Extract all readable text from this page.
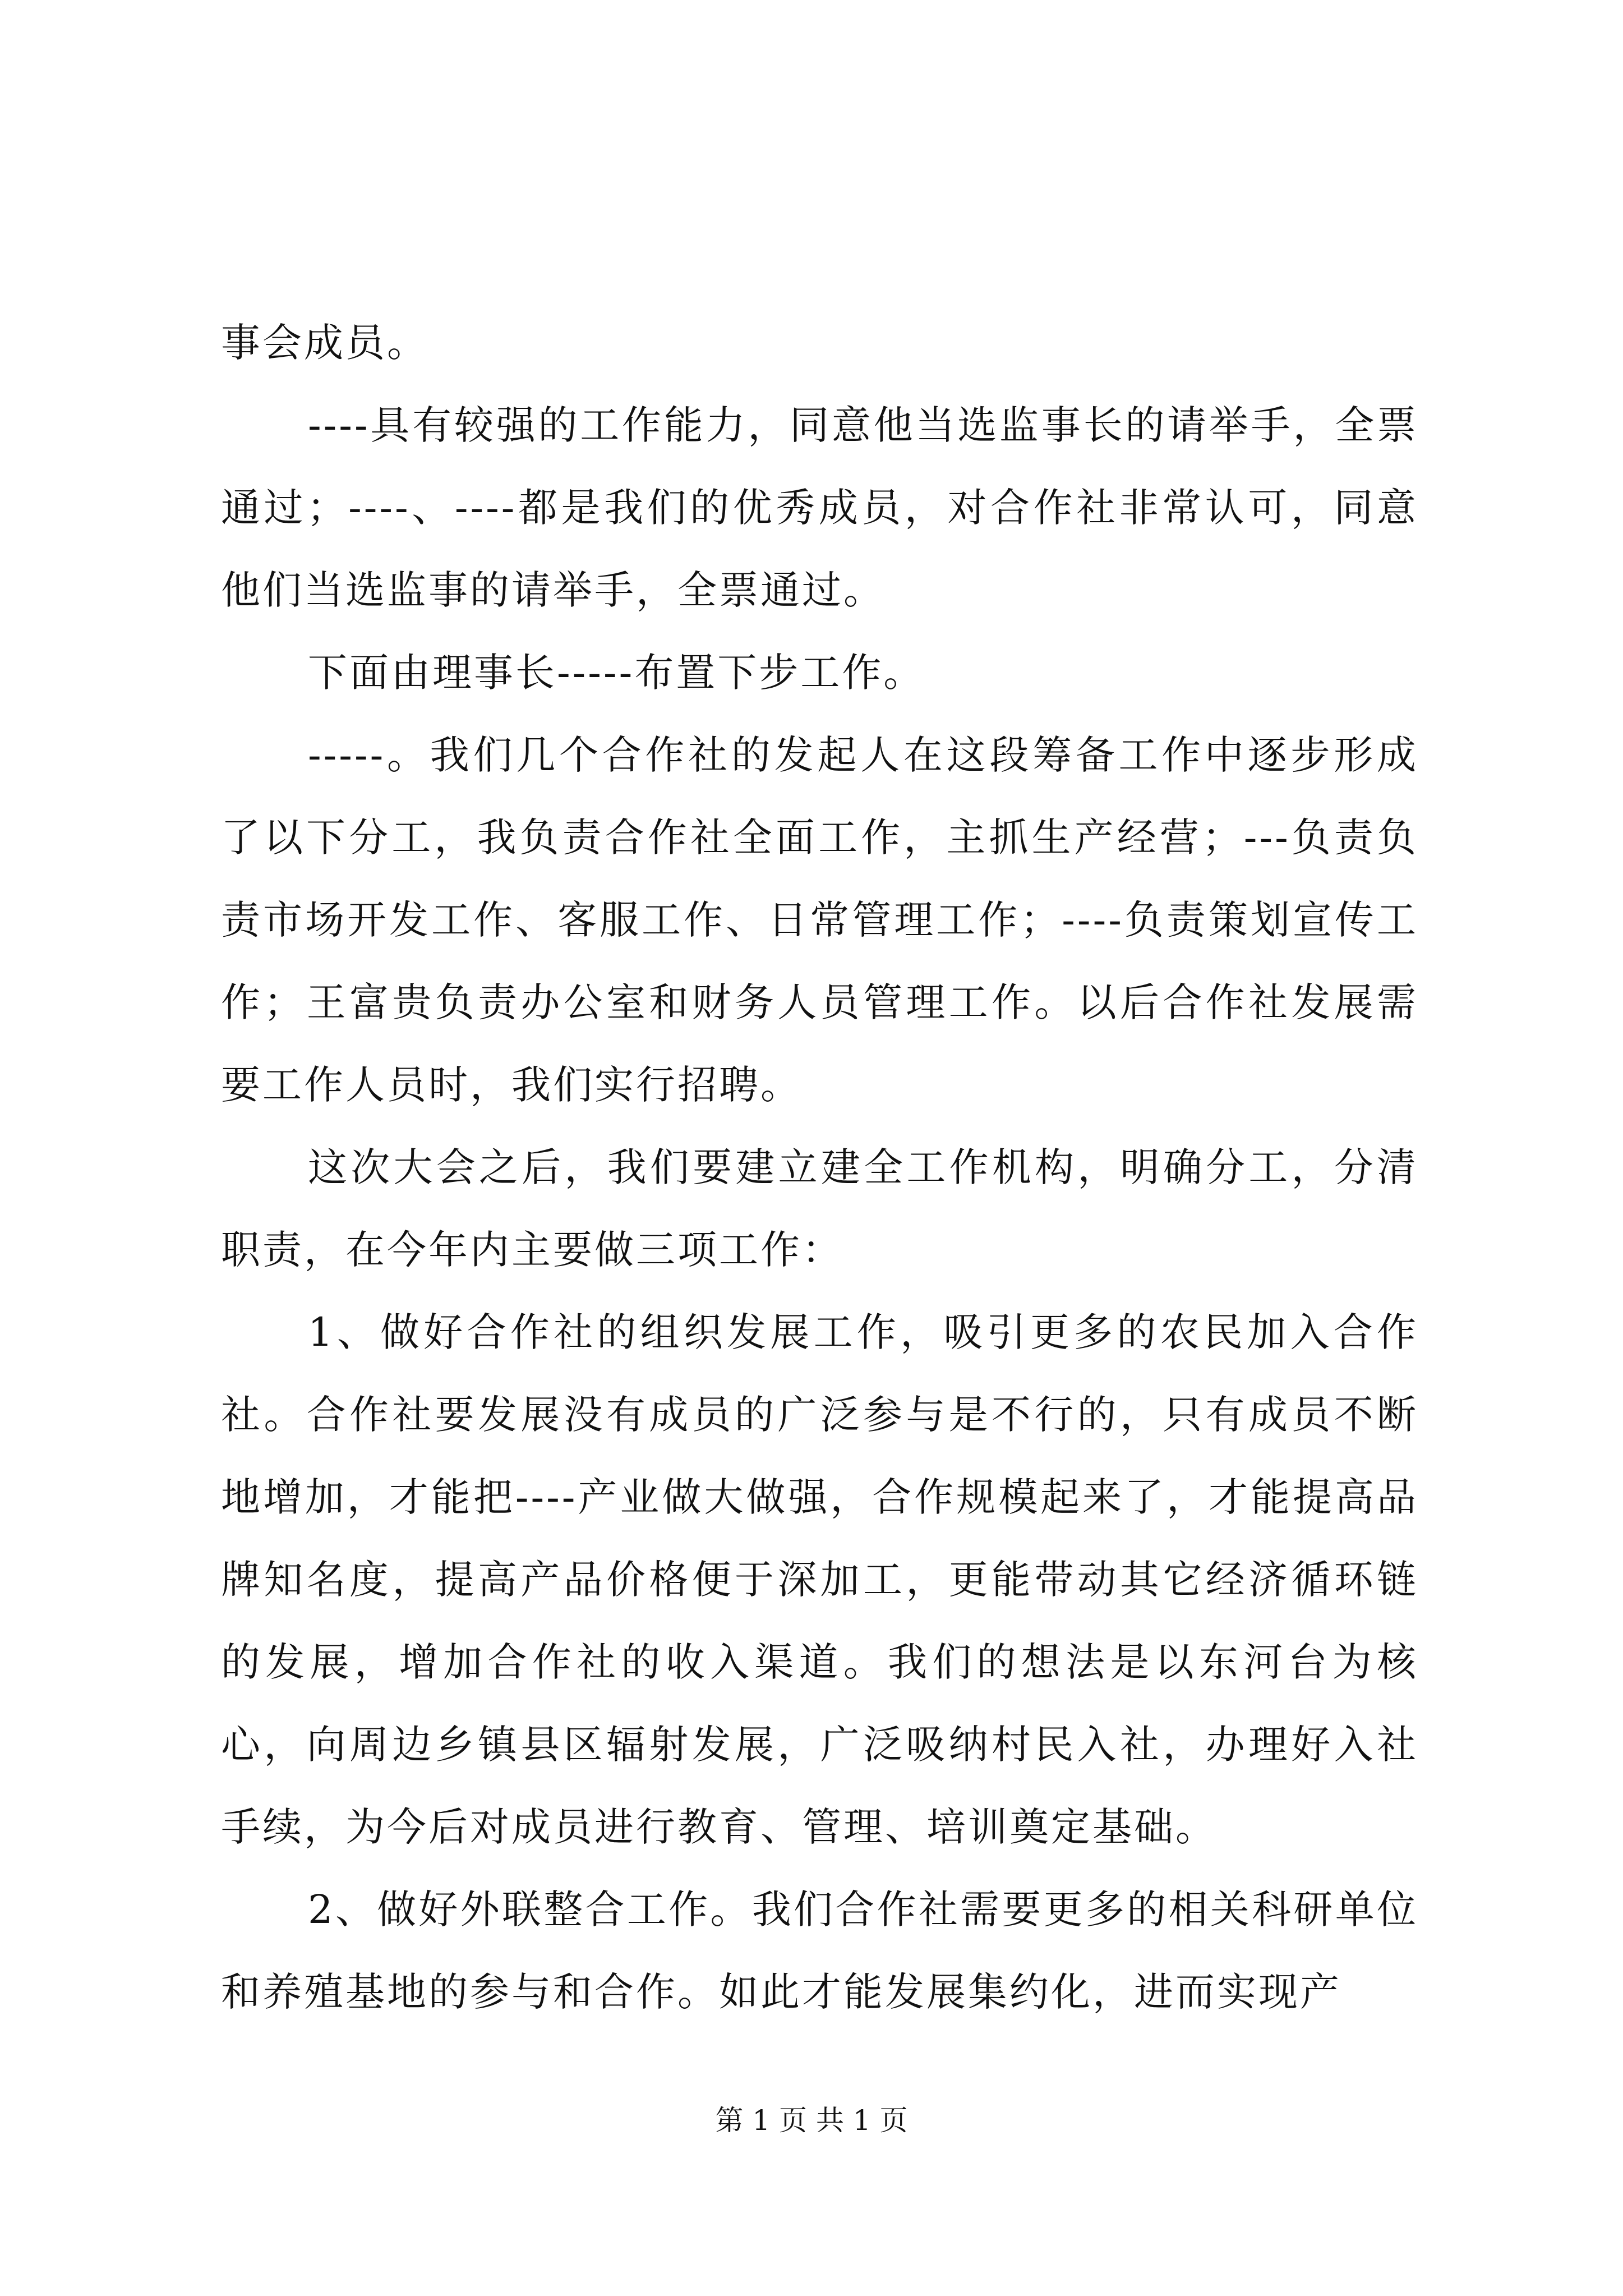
事会成员。

----具有较强的工作能力，同意他当选监事长的请举手，全票通过；----、----都是我们的优秀成员，对合作社非常认可，同意他们当选监事的请举手，全票通过。

下面由理事长-----布置下步工作。

-----。我们几个合作社的发起人在这段筹备工作中逐步形成了以下分工，我负责合作社全面工作，主抓生产经营；---负责负责市场开发工作、客服工作、日常管理工作；----负责策划宣传工作；王富贵负责办公室和财务人员管理工作。以后合作社发展需要工作人员时，我们实行招聘。

这次大会之后，我们要建立建全工作机构，明确分工，分清职责，在今年内主要做三项工作：

1、做好合作社的组织发展工作，吸引更多的农民加入合作社。合作社要发展没有成员的广泛参与是不行的，只有成员不断地增加，才能把----产业做大做强，合作规模起来了，才能提高品牌知名度，提高产品价格便于深加工，更能带动其它经济循环链的发展，增加合作社的收入渠道。我们的想法是以东河台为核心，向周边乡镇县区辐射发展，广泛吸纳村民入社，办理好入社手续，为今后对成员进行教育、管理、培训奠定基础。

2、做好外联整合工作。我们合作社需要更多的相关科研单位和养殖基地的参与和合作。如此才能发展集约化，进而实现产

第 1 页 共 1 页
